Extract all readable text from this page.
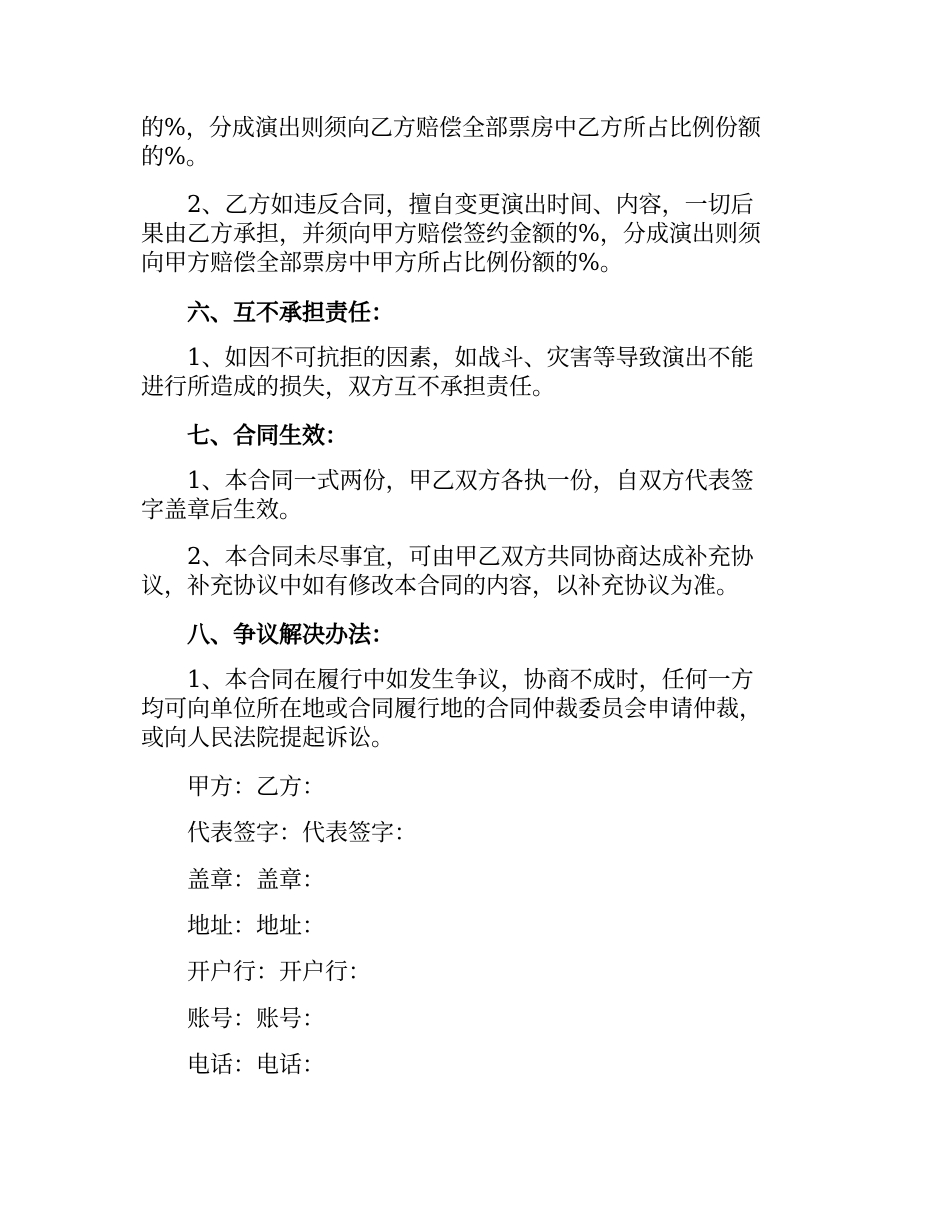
的%，分成演出则须向乙方赔偿全部票房中乙方所占比例份额
的%。
2、乙方如违反合同，擅自变更演出时间、内容，一切后
果由乙方承担，并须向甲方赔偿签约金额的%，分成演出则须
向甲方赔偿全部票房中甲方所占比例份额的%。
六、互不承担责任：
1、如因不可抗拒的因素，如战斗、灾害等导致演出不能
进行所造成的损失，双方互不承担责任。
七、合同生效：
1、本合同一式两份，甲乙双方各执一份，自双方代表签
字盖章后生效。
2、本合同未尽事宜，可由甲乙双方共同协商达成补充协
议，补充协议中如有修改本合同的内容，以补充协议为准。
八、争议解决办法：
1、本合同在履行中如发生争议，协商不成时，任何一方
均可向单位所在地或合同履行地的合同仲裁委员会申请仲裁，
或向人民法院提起诉讼。
甲方：乙方：
代表签字：代表签字：
盖章：盖章：
地址：地址：
开户行：开户行：
账号：账号：
电话：电话：
